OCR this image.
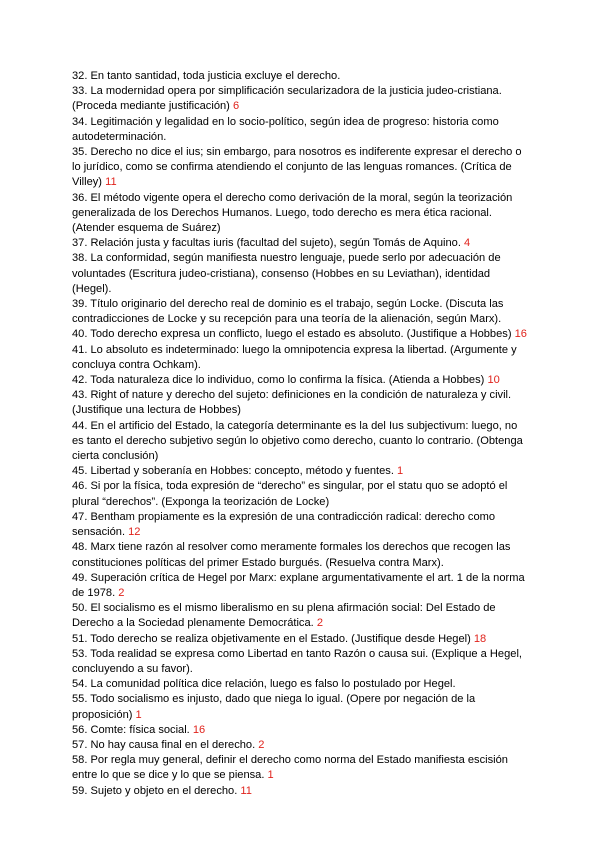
32. En tanto santidad, toda justicia excluye el derecho.

33. La modernidad opera por simplificación secularizadora de la justicia judeo-cristiana. (Proceda mediante justificación) 6

34. Legitimación y legalidad en lo socio-político, según idea de progreso: historia como autodeterminación.

35. Derecho no dice el ius; sin embargo, para nosotros es indiferente expresar el derecho o lo jurídico, como se confirma atendiendo el conjunto de las lenguas romances. (Crítica de Villey) 11

36. El método vigente opera el derecho como derivación de la moral, según la teorización generalizada de los Derechos Humanos. Luego, todo derecho es mera ética racional. (Atender esquema de Suárez)

37. Relación justa y facultas iuris (facultad del sujeto), según Tomás de Aquino. 4

38. La conformidad, según manifiesta nuestro lenguaje, puede serlo por adecuación de voluntades (Escritura judeo-cristiana), consenso (Hobbes en su Leviathan), identidad (Hegel).

39. Título originario del derecho real de dominio es el trabajo, según Locke. (Discuta las contradicciones de Locke y su recepción para una teoría de la alienación, según Marx).

40. Todo derecho expresa un conflicto, luego el estado es absoluto. (Justifique a Hobbes) 16

41. Lo absoluto es indeterminado: luego la omnipotencia expresa la libertad. (Argumente y concluya contra Ochkam).

42. Toda naturaleza dice lo individuo, como lo confirma la física. (Atienda a Hobbes) 10

43. Right of nature y derecho del sujeto: definiciones en la condición de naturaleza y civil. (Justifique una lectura de Hobbes)

44. En el artificio del Estado, la categoría determinante es la del Ius subjectivum: luego, no es tanto el derecho subjetivo según lo objetivo como derecho, cuanto lo contrario. (Obtenga cierta conclusión)

45. Libertad y soberanía en Hobbes: concepto, método y fuentes. 1

46. Si por la física, toda expresión de “derecho” es singular, por el statu quo se adoptó el plural “derechos”. (Exponga la teorización de Locke)

47. Bentham propiamente es la expresión de una contradicción radical: derecho como sensación. 12

48. Marx tiene razón al resolver como meramente formales los derechos que recogen las constituciones políticas del primer Estado burgués. (Resuelva contra Marx).

49. Superación crítica de Hegel por Marx: explane argumentativamente el art. 1 de la norma de 1978. 2

50. El socialismo es el mismo liberalismo en su plena afirmación social: Del Estado de Derecho a la Sociedad plenamente Democrática. 2

51. Todo derecho se realiza objetivamente en el Estado. (Justifique desde Hegel) 18

53. Toda realidad se expresa como Libertad en tanto Razón o causa sui. (Explique a Hegel, concluyendo a su favor).

54. La comunidad política dice relación, luego es falso lo postulado por Hegel.

55. Todo socialismo es injusto, dado que niega lo igual. (Opere por negación de la proposición) 1

56. Comte: física social. 16

57. No hay causa final en el derecho. 2

58. Por regla muy general, definir el derecho como norma del Estado manifiesta escisión entre lo que se dice y lo que se piensa. 1

59. Sujeto y objeto en el derecho. 11
